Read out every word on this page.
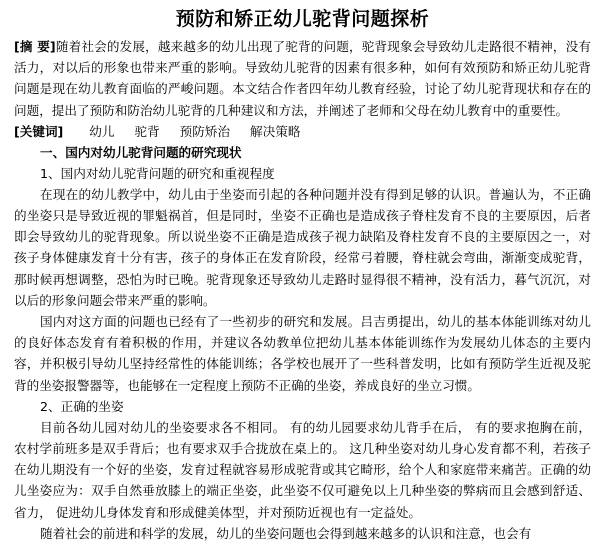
预防和矫正幼儿驼背问题探析

[摘 要]随着社会的发展，越来越多的幼儿出现了驼背的问题，驼背现象会导致幼儿走路很不精神，没有活力，对以后的形象也带来严重的影响。导致幼儿驼背的因素有很多种，如何有效预防和矫正幼儿驼背问题是现在幼儿教育面临的严峻问题。本文结合作者四年幼儿教育经验，讨论了幼儿驼背现状和存在的问题，提出了预防和防治幼儿驼背的几种建议和方法，并阐述了老师和父母在幼儿教育中的重要性。

[关键词] 幼儿 驼背 预防矫治 解决策略
一、国内对幼儿驼背问题的研究现状
1、国内对幼儿驼背问题的研究和重视程度

在现在的幼儿教学中，幼儿由于坐姿而引起的各种问题并没有得到足够的认识。普遍认为，不正确的坐姿只是导致近视的罪魁祸首，但是同时，坐姿不正确也是造成孩子脊柱发育不良的主要原因，后者即会导致幼儿的驼背现象。所以说坐姿不正确是造成孩子视力缺陷及脊柱发育不良的主要原因之一，对孩子身体健康发育十分有害，孩子的身体正在发育阶段，经常弓着腰，脊柱就会弯曲，渐渐变成驼背，那时候再想调整，恐怕为时已晚。驼背现象还导致幼儿走路时显得很不精神，没有活力，暮气沉沉，对以后的形象问题会带来严重的影响。

国内对这方面的问题也已经有了一些初步的研究和发展。吕吉勇提出，幼儿的基本体能训练对幼儿的良好体态发育有着积极的作用，并建议各幼教单位把幼儿基本体能训练作为发展幼儿体态的主要内容，并积极引导幼儿坚持经常性的体能训练；各学校也展开了一些科普发明，比如有预防学生近视及驼背的坐姿报警器等，也能够在一定程度上预防不正确的坐姿，养成良好的坐立习惯。

2、正确的坐姿

目前各幼儿园对幼儿的坐姿要求各不相同。 有的幼儿园要求幼儿背手在后， 有的要求抱胸在前， 农村学前班多是双手背后；也有要求双手合拢放在桌上的。 这几种坐姿对幼儿身心发育都不利，若孩子在幼儿期没有一个好的坐姿，发育过程就容易形成驼背或其它畸形，给个人和家庭带来痛苦。正确的幼儿坐姿应为：双手自然垂放膝上的端正坐姿，此坐姿不仅可避免以上几种坐姿的弊病而且会感到舒适、省力， 促进幼儿身体发育和形成健美体型，并对预防近视也有一定益处。

随着社会的前进和科学的发展，幼儿的坐姿问题也会得到越来越多的认识和注意，也会有
